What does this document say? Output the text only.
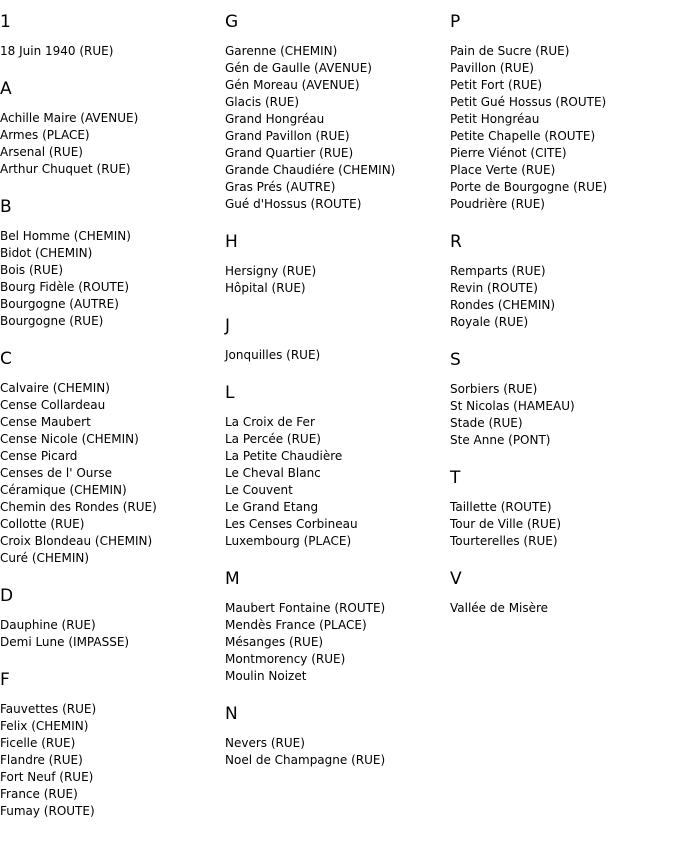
1
18 Juin 1940 (RUE)
A
Achille Maire (AVENUE)
Armes (PLACE)
Arsenal (RUE)
Arthur Chuquet (RUE)
B
Bel Homme (CHEMIN)
Bidot (CHEMIN)
Bois (RUE)
Bourg Fidèle (ROUTE)
Bourgogne (AUTRE)
Bourgogne (RUE)
C
Calvaire (CHEMIN)
Cense Collardeau
Cense Maubert
Cense Nicole (CHEMIN)
Cense Picard
Censes de l' Ourse
Céramique (CHEMIN)
Chemin des Rondes (RUE)
Collotte (RUE)
Croix Blondeau (CHEMIN)
Curé (CHEMIN)
D
Dauphine (RUE)
Demi Lune (IMPASSE)
F
Fauvettes (RUE)
Felix (CHEMIN)
Ficelle (RUE)
Flandre (RUE)
Fort Neuf (RUE)
France (RUE)
Fumay (ROUTE)
G
Garenne (CHEMIN)
Gén de Gaulle (AVENUE)
Gén Moreau (AVENUE)
Glacis (RUE)
Grand Hongréau
Grand Pavillon (RUE)
Grand Quartier (RUE)
Grande Chaudiére (CHEMIN)
Gras Prés (AUTRE)
Gué d'Hossus (ROUTE)
H
Hersigny (RUE)
Hôpital (RUE)
J
Jonquilles (RUE)
L
La Croix de Fer
La Percée (RUE)
La Petite Chaudière
Le Cheval Blanc
Le Couvent
Le Grand Etang
Les Censes Corbineau
Luxembourg (PLACE)
M
Maubert Fontaine (ROUTE)
Mendès France (PLACE)
Mésanges (RUE)
Montmorency (RUE)
Moulin Noizet
N
Nevers (RUE)
Noel de Champagne (RUE)
P
Pain de Sucre (RUE)
Pavillon (RUE)
Petit Fort (RUE)
Petit Gué Hossus (ROUTE)
Petit Hongréau
Petite Chapelle (ROUTE)
Pierre Viénot (CITE)
Place Verte (RUE)
Porte de Bourgogne (RUE)
Poudrière (RUE)
R
Remparts (RUE)
Revin (ROUTE)
Rondes (CHEMIN)
Royale (RUE)
S
Sorbiers (RUE)
St Nicolas (HAMEAU)
Stade (RUE)
Ste Anne (PONT)
T
Taillette (ROUTE)
Tour de Ville (RUE)
Tourterelles (RUE)
V
Vallée de Misère
